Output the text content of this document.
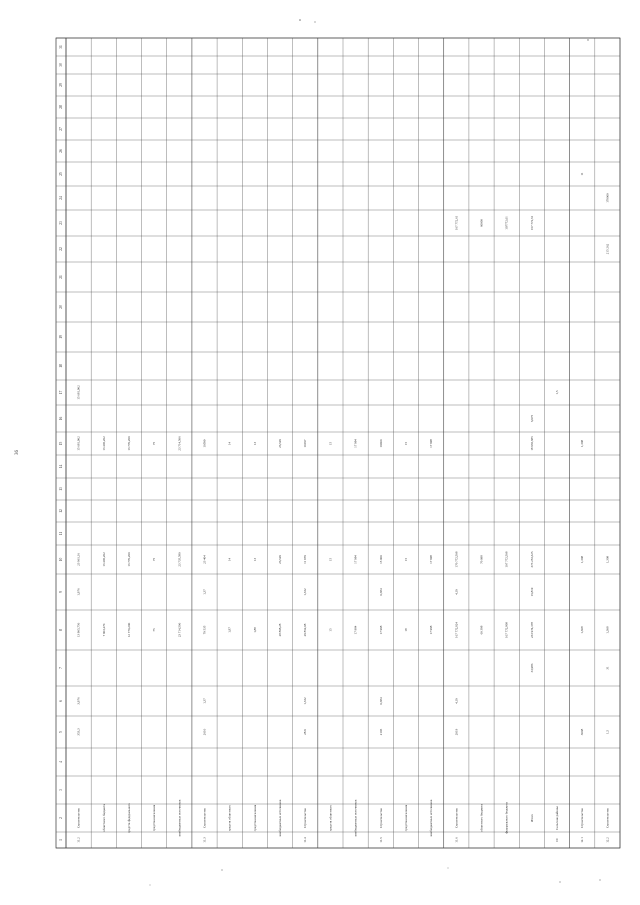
36
1
2
3
4
5
6
7
8
9
10
11
12
13
14
15
16
17
18
19
20
21
22
23
24
25
26
27
28
29
30
31
11.2
Строительство
353,3
3,976
13 905,756
1,976
23 961,16
15 681,902
15 681,902
областного бюджета
7 903,270
13 405,202
13 405,202
средств федерального
12 770,200
13 770,200
13 770,200
средства населения
75
75
75
внебюджетных источников
23 714,506
23 735,580
23 714,506
11.3
Строительство
2610
1,37
79 535
1,37
23 404
10599
средств областного
1,87
14
14
средства населения
1,88
13
13
внебюджетных источников
28 808,28
26,529
26,529
11.4
Строительство
28/0
1,332
29 862,08
1,332
11 979
10197
средств областного
15
15
15
внебюджетных источников
17 984
17 984
17 984
11.5
Строительство
2105
0,684
17 998
0,684
15 000
10000
средства населения
18
15
15
внебюджетных источников
17 998
17 998
17 998
11.6
Строительство
2019
4,19
167 772,824
4,19
170 772,508
167 772,61
областного бюджета
60 398
70 098
60000
федерального бюджета
107 772,808
107 772,508
107772,61
Итого
33,986
233 974,378
16,819
373 253,325
18 965,685
6,975
167 772,61
III
Сельские районы
1,5
12.1
Строительство
3008
1,308
1,308
1,308
11
12.2
Строительство
1,5
31
1,308
1,308
215 262
170000
